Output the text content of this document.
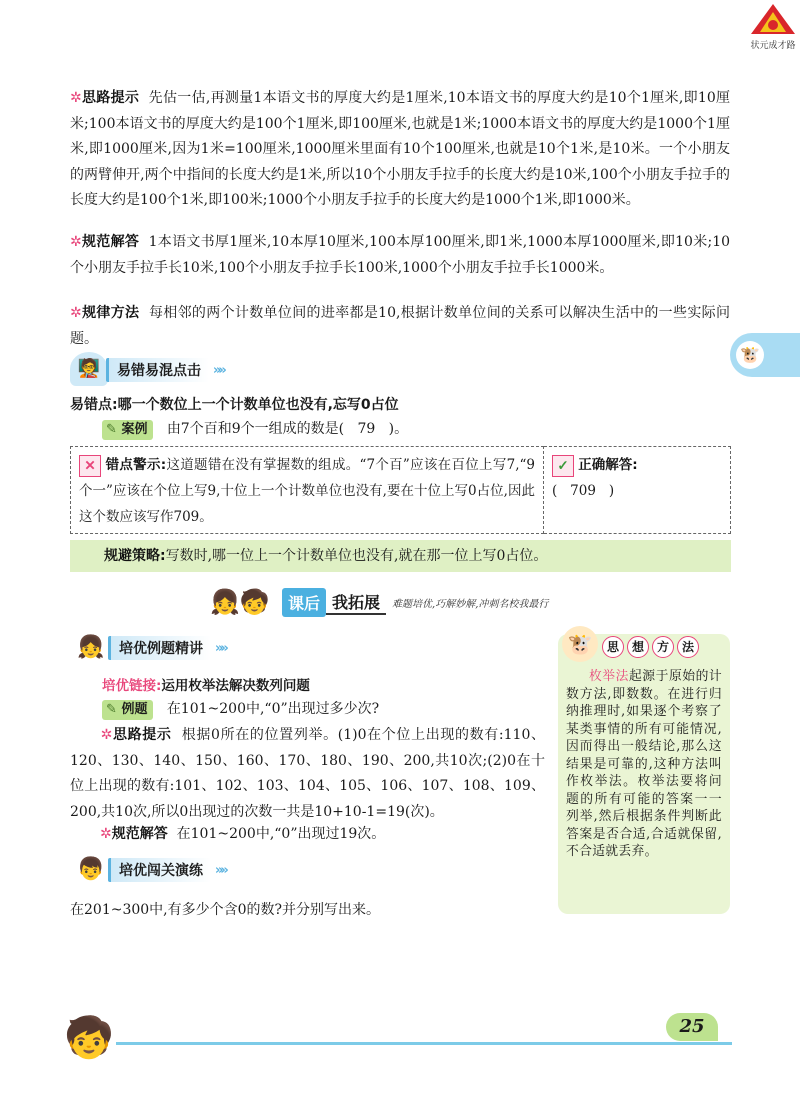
状元成才路
🐮
✲思路提示 先估一估,再测量1本语文书的厚度大约是1厘米,10本语文书的厚度大约是10个1厘米,即10厘米;100本语文书的厚度大约是100个1厘米,即100厘米,也就是1米;1000本语文书的厚度大约是1000个1厘米,即1000厘米,因为1米=100厘米,1000厘米里面有10个100厘米,也就是10个1米,是10米。一个小朋友的两臂伸开,两个中指间的长度大约是1米,所以10个小朋友手拉手的长度大约是10米,100个小朋友手拉手的长度大约是100个1米,即100米;1000个小朋友手拉手的长度大约是1000个1米,即1000米。
✲规范解答 1本语文书厚1厘米,10本厚10厘米,100本厚100厘米,即1米,1000本厚1000厘米,即10米;10个小朋友手拉手长10米,100个小朋友手拉手长100米,1000个小朋友手拉手长1000米。
✲规律方法 每相邻的两个计数单位间的进率都是10,根据计数单位间的关系可以解决生活中的一些实际问题。
🧑‍🏫	易错易混点击 »»
易错点:哪一个数位上一个计数单位也没有,忘写0占位
✎ 案例 由7个百和9个一组成的数是( 79 )。
✕ 错点警示:这道题错在没有掌握数的组成。“7个百”应该在百位上写7,“9个一”应该在个位上写9,十位上一个计数单位也没有,要在十位上写0占位,因此这个数应该写作709。
✓ 正确解答:
( 709 )
规避策略:写数时,哪一位上一个计数单位也没有,就在那一位上写0占位。
👧🧒	课后 我拓展	难题培优,巧解妙解,冲刺名校我最行
👧	培优例题精讲 »»
培优链接:运用枚举法解决数列问题
✎ 例题 在101~200中,“0”出现过多少次?
✲思路提示 根据0所在的位置列举。(1)0在个位上出现的数有:110、120、130、140、150、160、170、180、190、200,共10次;(2)0在十位上出现的数有:101、102、103、104、105、106、107、108、109、200,共10次,所以0出现过的次数一共是10+10-1=19(次)。
✲规范解答 在101~200中,“0”出现过19次。
👦	培优闯关演练 »»
在201~300中,有多少个含0的数?并分别写出来。
🐮	思	想	方	法
枚举法起源于原始的计数方法,即数数。在进行归纳推理时,如果逐个考察了某类事情的所有可能情况,因而得出一般结论,那么这结果是可靠的,这种方法叫作枚举法。枚举法要将问题的所有可能的答案一一列举,然后根据条件判断此答案是否合适,合适就保留,不合适就丢弃。
🧒	25
